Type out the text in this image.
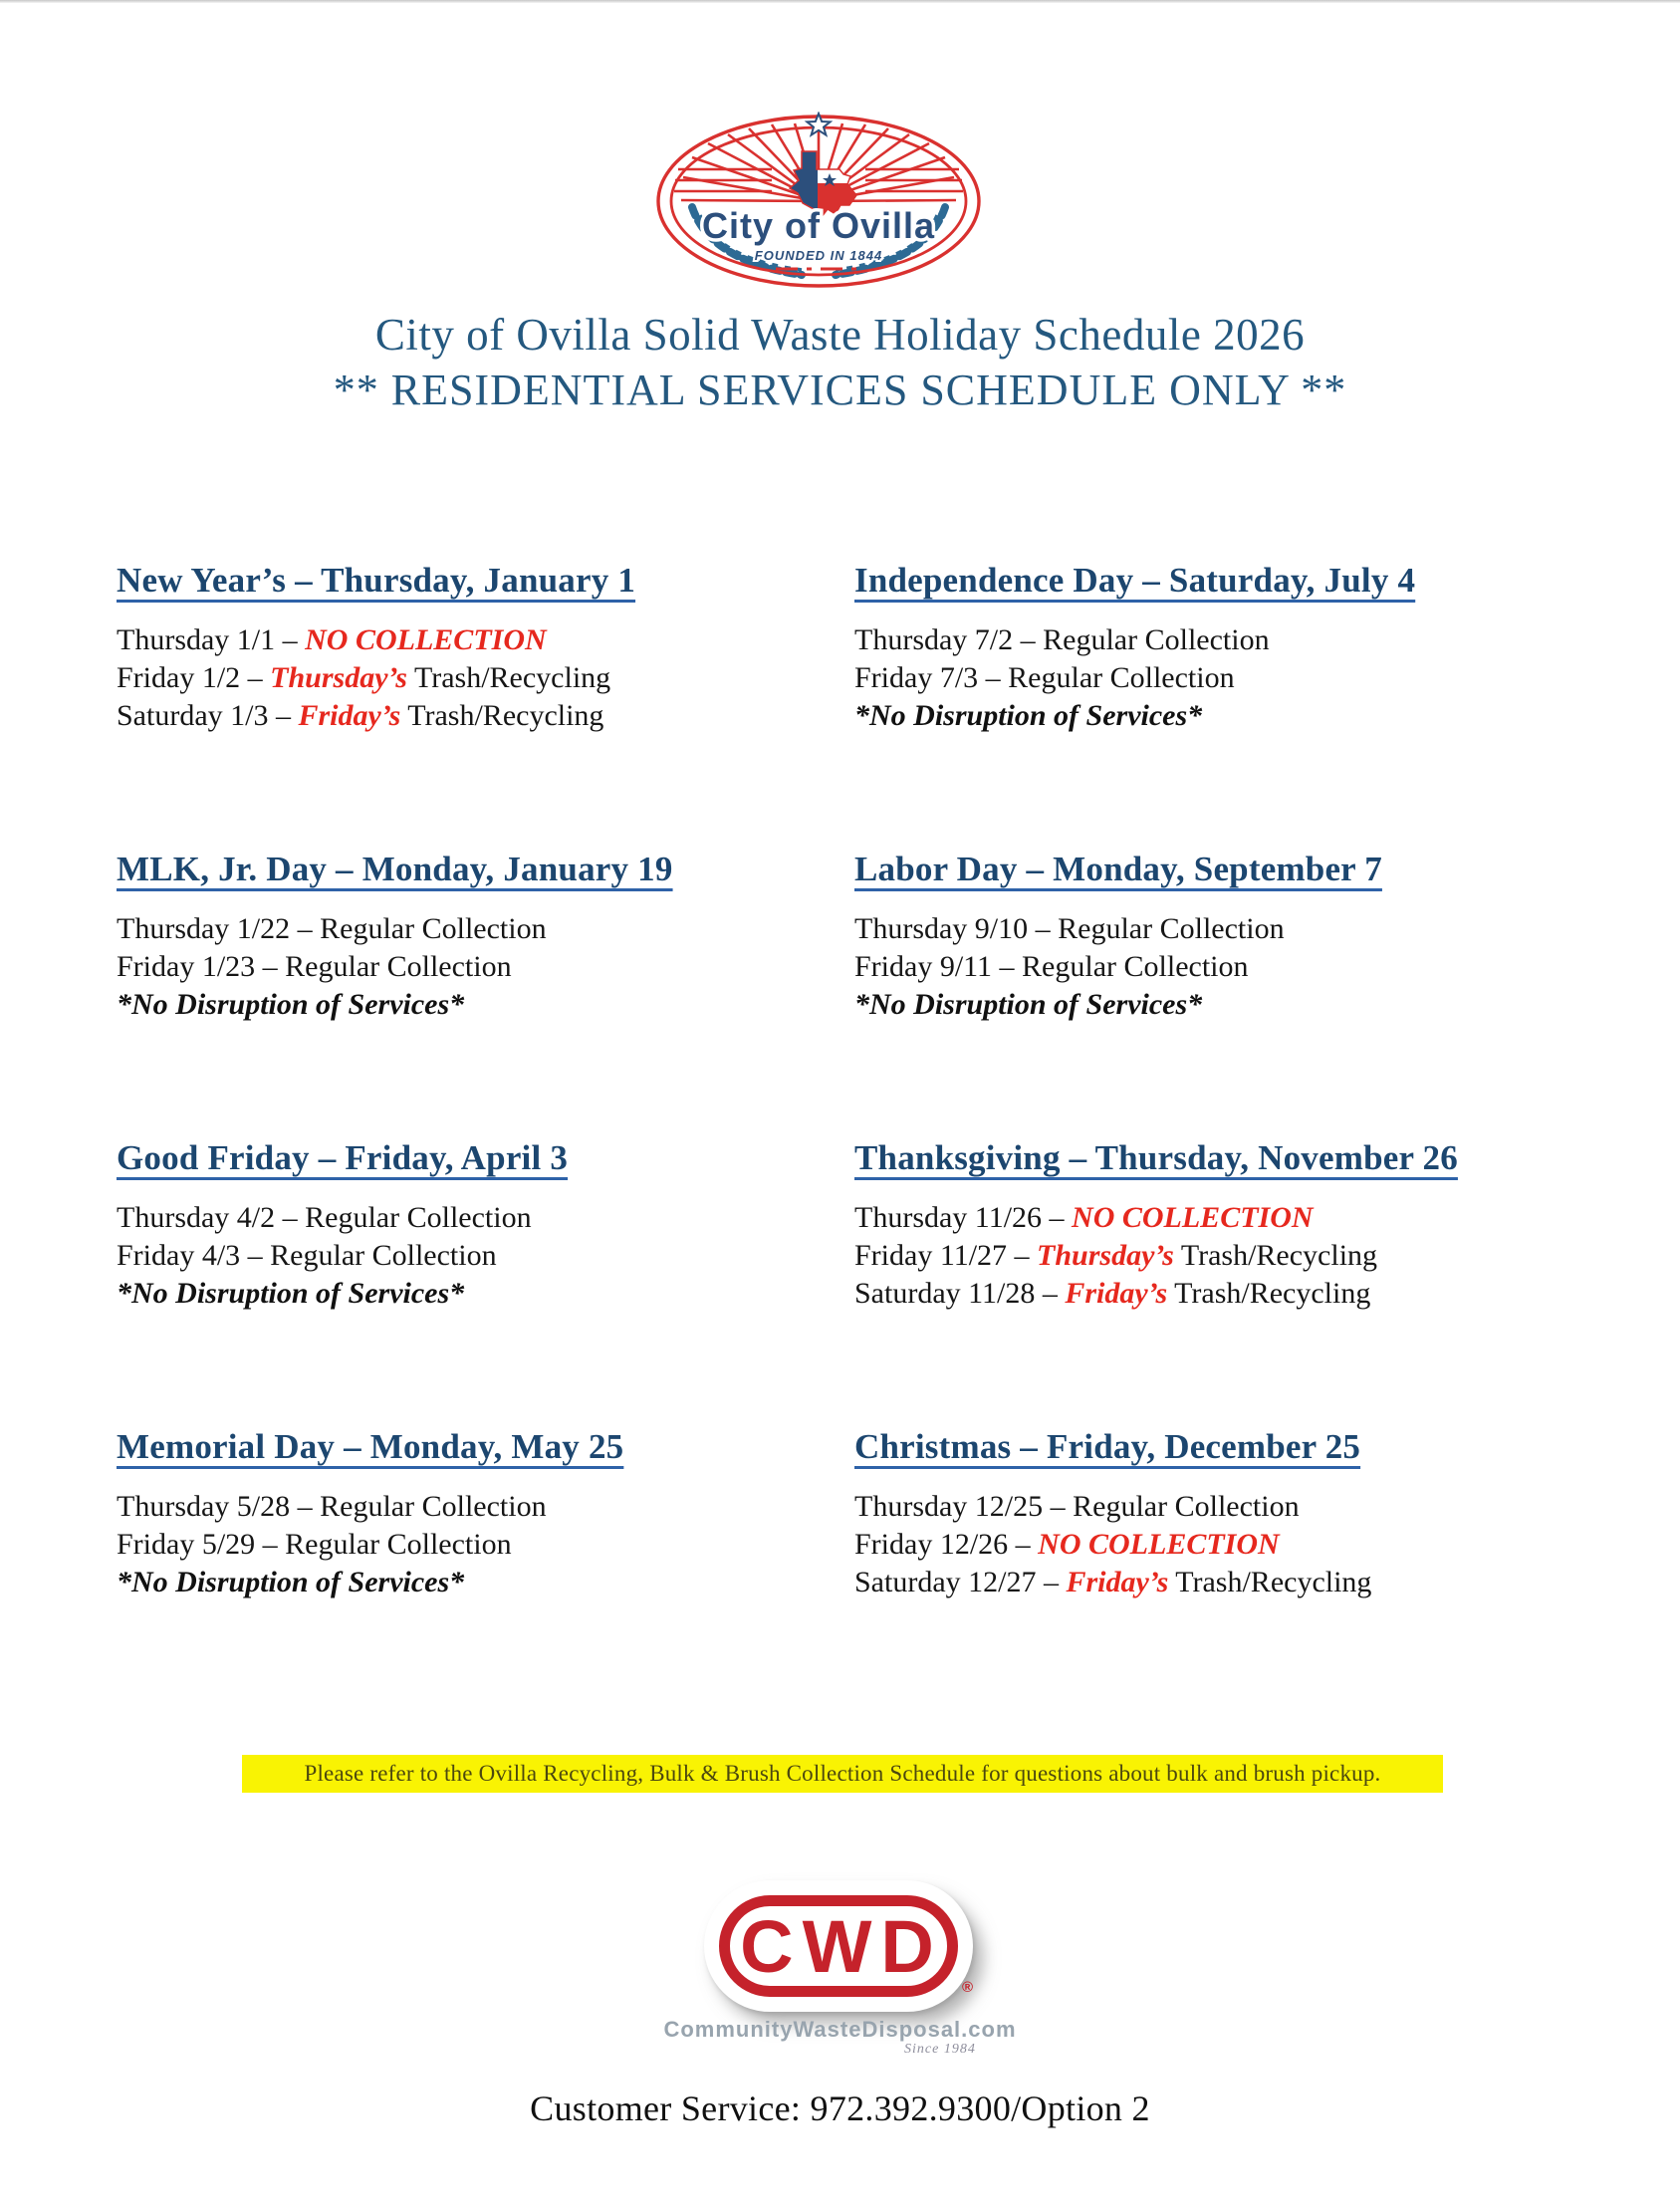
City of Ovilla
FOUNDED IN 1844
City of Ovilla Solid Waste Holiday Schedule 2026
** RESIDENTIAL SERVICES SCHEDULE ONLY **
New Year’s – Thursday, January 1
Thursday 1/1 – NO COLLECTION
Friday 1/2 – Thursday’s Trash/Recycling
Saturday 1/3 – Friday’s Trash/Recycling
Independence Day – Saturday, July 4
Thursday 7/2 – Regular Collection
Friday 7/3 – Regular Collection
*No Disruption of Services*
MLK, Jr. Day – Monday, January 19
Thursday 1/22 – Regular Collection
Friday 1/23 – Regular Collection
*No Disruption of Services*
Labor Day – Monday, September 7
Thursday 9/10 – Regular Collection
Friday 9/11 – Regular Collection
*No Disruption of Services*
Good Friday – Friday, April 3
Thursday 4/2 – Regular Collection
Friday 4/3 – Regular Collection
*No Disruption of Services*
Thanksgiving – Thursday, November 26
Thursday 11/26 – NO COLLECTION
Friday 11/27 – Thursday’s Trash/Recycling
Saturday 11/28 – Friday’s Trash/Recycling
Memorial Day – Monday, May 25
Thursday 5/28 – Regular Collection
Friday 5/29 – Regular Collection
*No Disruption of Services*
Christmas – Friday, December 25
Thursday 12/25 – Regular Collection
Friday 12/26 – NO COLLECTION
Saturday 12/27 – Friday’s Trash/Recycling
Please refer to the Ovilla Recycling, Bulk & Brush Collection Schedule for questions about bulk and brush pickup.
CWD	®
CommunityWasteDisposal.com
Since 1984
Customer Service: 972.392.9300/Option 2
